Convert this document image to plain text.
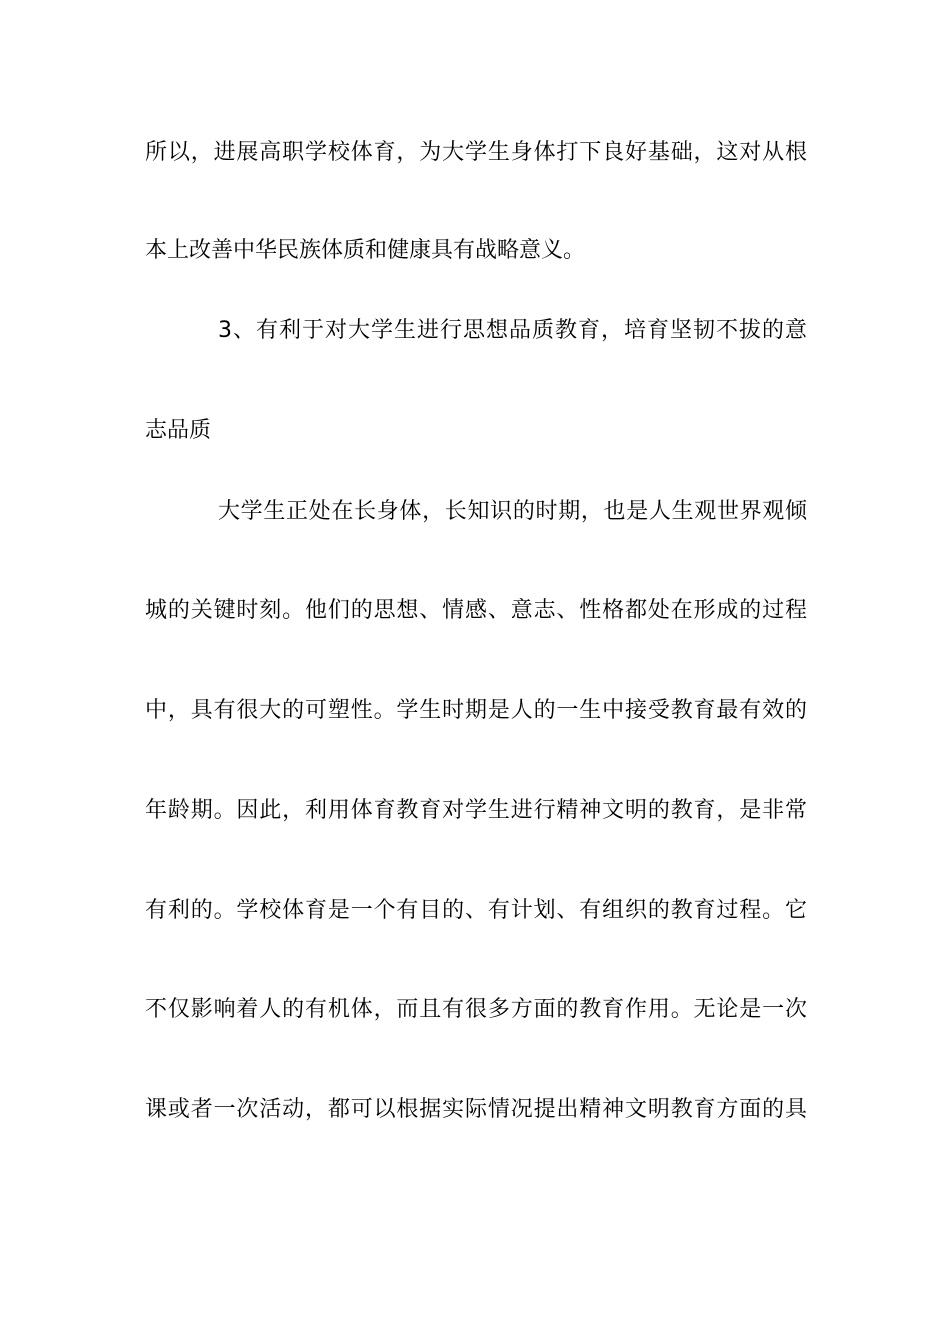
所以，进展高职学校体育，为大学生身体打下良好基础，这对从根
本上改善中华民族体质和健康具有战略意义。
3、有利于对大学生进行思想品质教育，培育坚韧不拔的意
志品质
大学生正处在长身体，长知识的时期，也是人生观世界观倾
城的关键时刻。他们的思想、情感、意志、性格都处在形成的过程
中，具有很大的可塑性。学生时期是人的一生中接受教育最有效的
年龄期。因此，利用体育教育对学生进行精神文明的教育，是非常
有利的。学校体育是一个有目的、有计划、有组织的教育过程。它
不仅影响着人的有机体，而且有很多方面的教育作用。无论是一次
课或者一次活动，都可以根据实际情况提出精神文明教育方面的具
